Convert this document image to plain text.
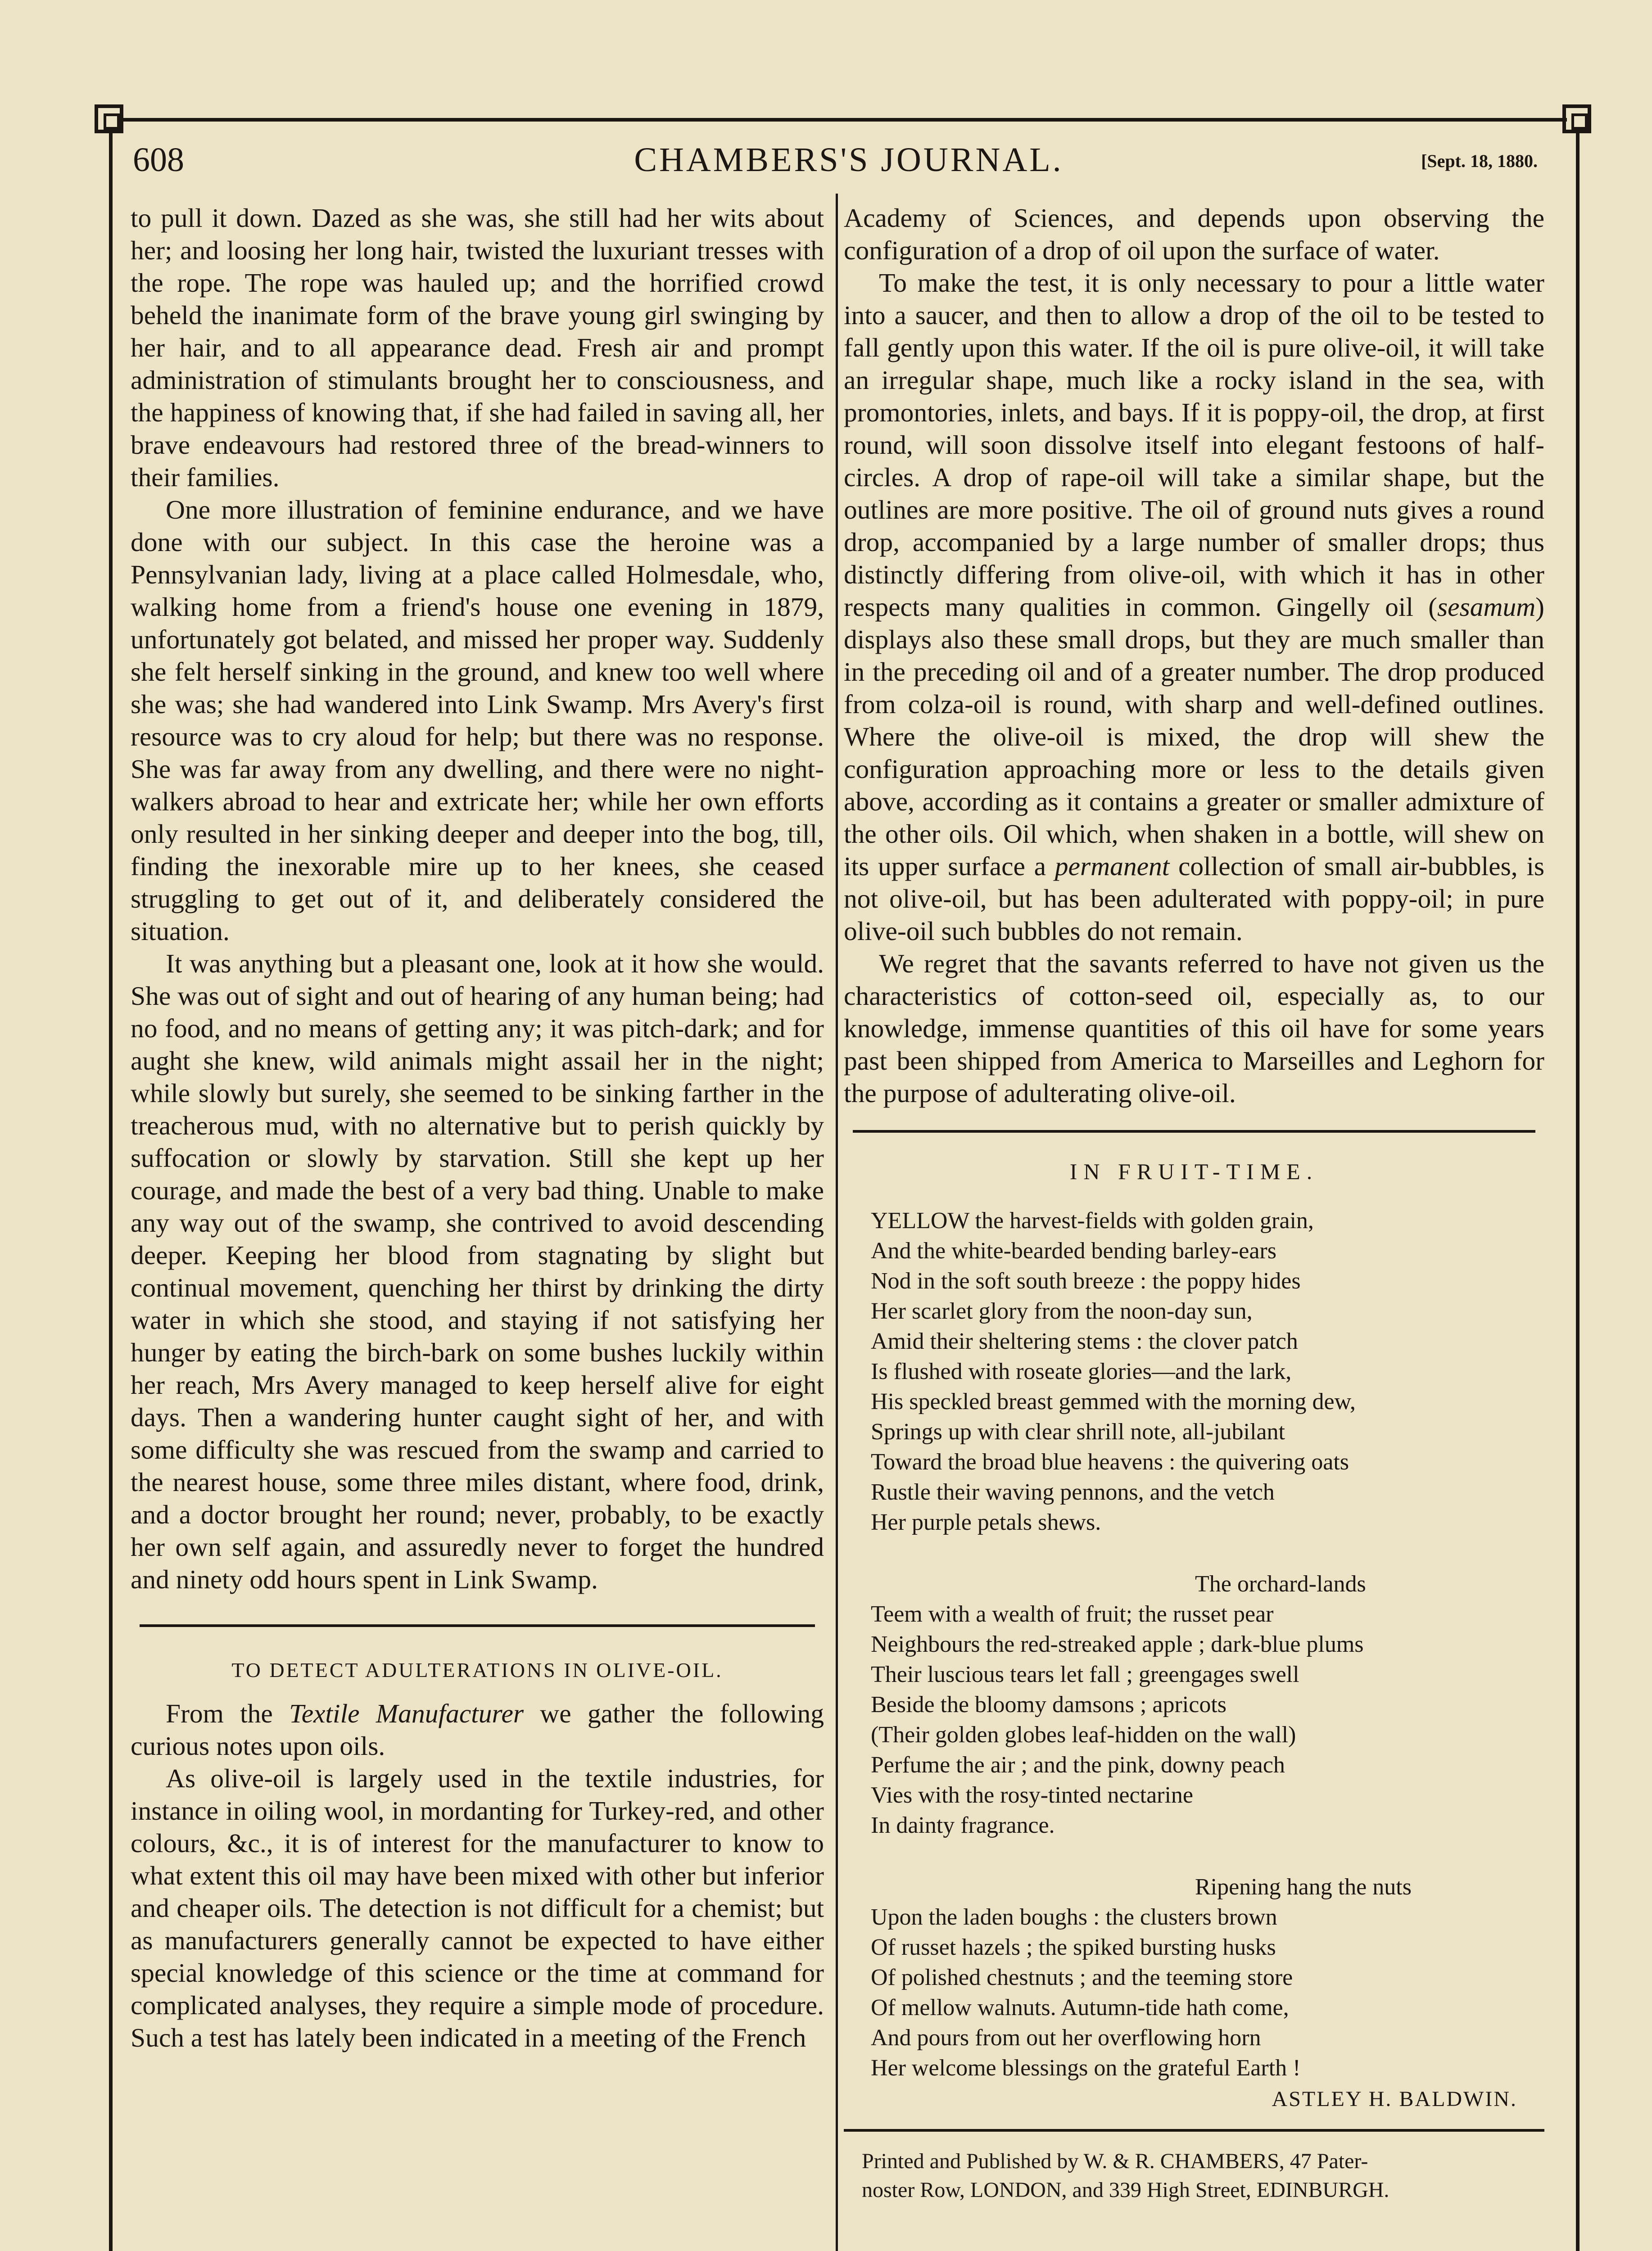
608	CHAMBERS'S JOURNAL.	[Sept. 18, 1880.

to pull it down. Dazed as she was, she still had her wits about her; and loosing her long hair, twisted the luxuriant tresses with the rope. The rope was hauled up; and the horrified crowd beheld the inanimate form of the brave young girl swinging by her hair, and to all appearance dead. Fresh air and prompt administration of stimulants brought her to consciousness, and the happiness of knowing that, if she had failed in saving all, her brave endeavours had restored three of the bread-winners to their families.

One more illustration of feminine endurance, and we have done with our subject. In this case the heroine was a Pennsylvanian lady, living at a place called Holmesdale, who, walking home from a friend's house one evening in 1879, unfortunately got belated, and missed her proper way. Suddenly she felt herself sinking in the ground, and knew too well where she was; she had wandered into Link Swamp. Mrs Avery's first resource was to cry aloud for help; but there was no response. She was far away from any dwelling, and there were no night-walkers abroad to hear and extricate her; while her own efforts only resulted in her sinking deeper and deeper into the bog, till, finding the inexorable mire up to her knees, she ceased struggling to get out of it, and deliberately considered the situation.

It was anything but a pleasant one, look at it how she would. She was out of sight and out of hearing of any human being; had no food, and no means of getting any; it was pitch-dark; and for aught she knew, wild animals might assail her in the night; while slowly but surely, she seemed to be sinking farther in the treacherous mud, with no alternative but to perish quickly by suffocation or slowly by starvation. Still she kept up her courage, and made the best of a very bad thing. Unable to make any way out of the swamp, she contrived to avoid descending deeper. Keeping her blood from stagnating by slight but continual movement, quenching her thirst by drinking the dirty water in which she stood, and staying if not satisfying her hunger by eating the birch-bark on some bushes luckily within her reach, Mrs Avery managed to keep herself alive for eight days. Then a wandering hunter caught sight of her, and with some difficulty she was rescued from the swamp and carried to the nearest house, some three miles distant, where food, drink, and a doctor brought her round; never, probably, to be exactly her own self again, and assuredly never to forget the hundred and ninety odd hours spent in Link Swamp.

TO DETECT ADULTERATIONS IN OLIVE-OIL.

From the Textile Manufacturer we gather the following curious notes upon oils.

As olive-oil is largely used in the textile industries, for instance in oiling wool, in mordanting for Turkey-red, and other colours, &c., it is of interest for the manufacturer to know to what extent this oil may have been mixed with other but inferior and cheaper oils. The detection is not difficult for a chemist; but as manufacturers generally cannot be expected to have either special knowledge of this science or the time at command for complicated analyses, they require a simple mode of procedure. Such a test has lately been indicated in a meeting of the French

Academy of Sciences, and depends upon observing the configuration of a drop of oil upon the surface of water.

To make the test, it is only necessary to pour a little water into a saucer, and then to allow a drop of the oil to be tested to fall gently upon this water. If the oil is pure olive-oil, it will take an irregular shape, much like a rocky island in the sea, with promontories, inlets, and bays. If it is poppy-oil, the drop, at first round, will soon dissolve itself into elegant festoons of half-circles. A drop of rape-oil will take a similar shape, but the outlines are more positive. The oil of ground nuts gives a round drop, accompanied by a large number of smaller drops; thus distinctly differing from olive-oil, with which it has in other respects many qualities in common. Gingelly oil (sesamum) displays also these small drops, but they are much smaller than in the preceding oil and of a greater number. The drop produced from colza-oil is round, with sharp and well-defined outlines. Where the olive-oil is mixed, the drop will shew the configuration approaching more or less to the details given above, according as it contains a greater or smaller admixture of the other oils. Oil which, when shaken in a bottle, will shew on its upper surface a permanent collection of small air-bubbles, is not olive-oil, but has been adulterated with poppy-oil; in pure olive-oil such bubbles do not remain.

We regret that the savants referred to have not given us the characteristics of cotton-seed oil, especially as, to our knowledge, immense quantities of this oil have for some years past been shipped from America to Marseilles and Leghorn for the purpose of adulterating olive-oil.

IN FRUIT-TIME.
YELLOW the harvest-fields with golden grain,
And the white-bearded bending barley-ears
Nod in the soft south breeze : the poppy hides
Her scarlet glory from the noon-day sun,
Amid their sheltering stems : the clover patch
Is flushed with roseate glories—and the lark,
His speckled breast gemmed with the morning dew,
Springs up with clear shrill note, all-jubilant
Toward the broad blue heavens : the quivering oats
Rustle their waving pennons, and the vetch
Her purple petals shews.
The orchard-lands
Teem with a wealth of fruit; the russet pear
Neighbours the red-streaked apple ; dark-blue plums
Their luscious tears let fall ; greengages swell
Beside the bloomy damsons ; apricots
(Their golden globes leaf-hidden on the wall)
Perfume the air ; and the pink, downy peach
Vies with the rosy-tinted nectarine
In dainty fragrance.
Ripening hang the nuts
Upon the laden boughs : the clusters brown
Of russet hazels ; the spiked bursting husks
Of polished chestnuts ; and the teeming store
Of mellow walnuts. Autumn-tide hath come,
And pours from out her overflowing horn
Her welcome blessings on the grateful Earth !
ASTLEY H. BALDWIN.
Printed and Published by W. & R. CHAMBERS, 47 Pater-
noster Row, LONDON, and 339 High Street, EDINBURGH.
